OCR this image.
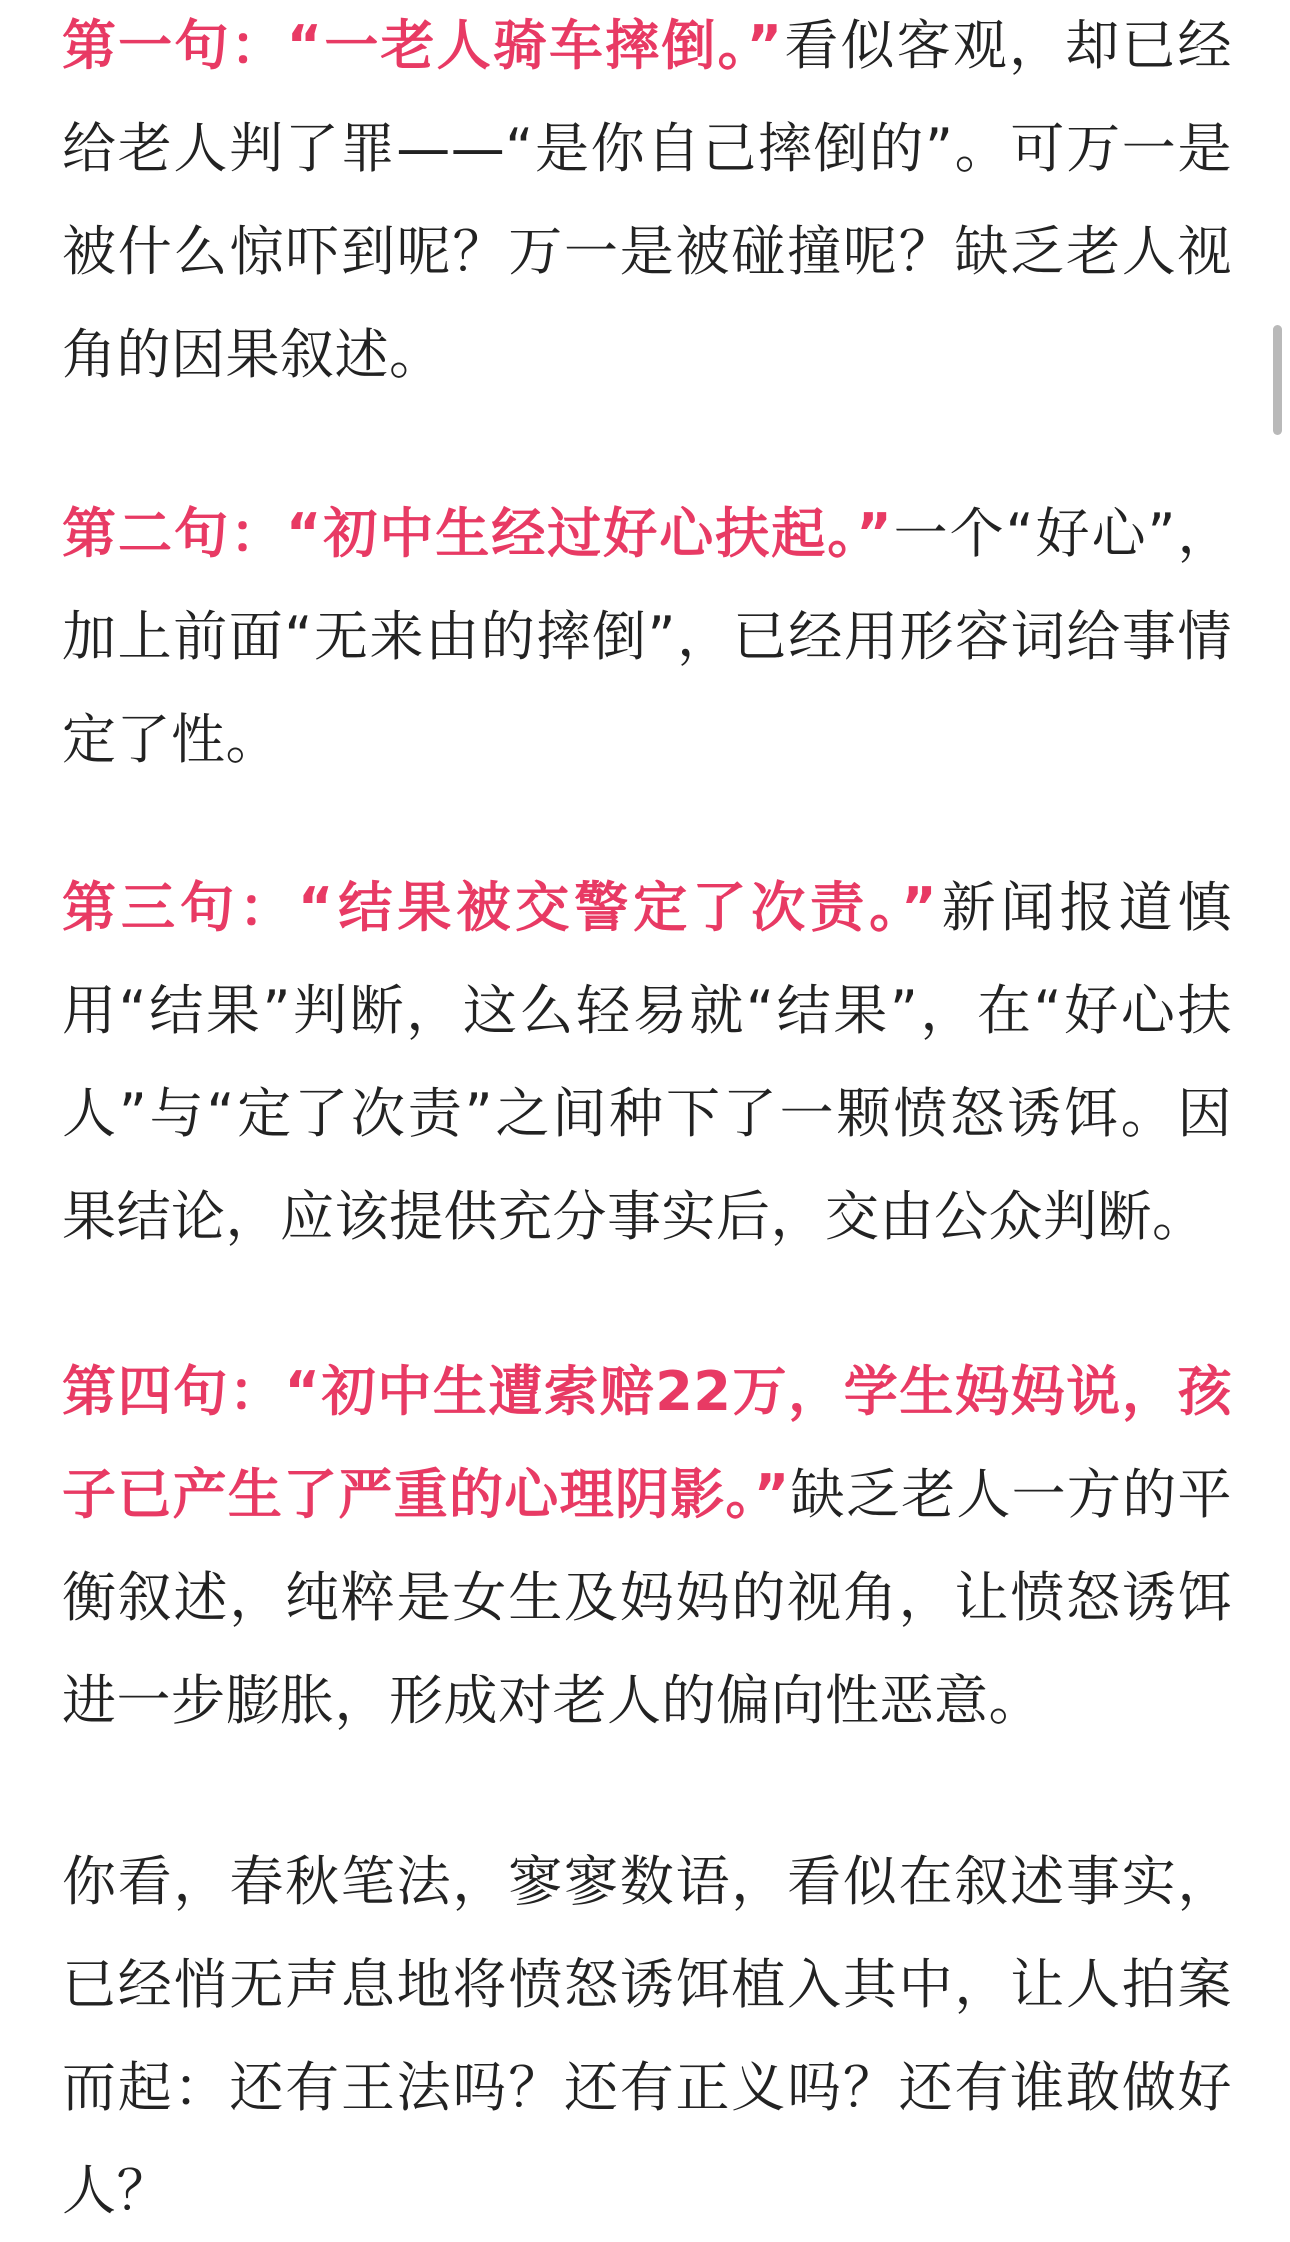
第一句：“一老人骑车摔倒。”看似客观，却已经给老人判了罪——“是你自己摔倒的”。可万一是被什么惊吓到呢？万一是被碰撞呢？缺乏老人视角的因果叙述。

第二句：“初中生经过好心扶起。”一个“好心”，加上前面“无来由的摔倒”，已经用形容词给事情定了性。

第三句：“结果被交警定了次责。”新闻报道慎用“结果”判断，这么轻易就“结果”，在“好心扶人”与“定了次责”之间种下了一颗愤怒诱饵。因果结论，应该提供充分事实后，交由公众判断。

第四句：“初中生遭索赔22万，学生妈妈说，孩子已产生了严重的心理阴影。”缺乏老人一方的平衡叙述，纯粹是女生及妈妈的视角，让愤怒诱饵进一步膨胀，形成对老人的偏向性恶意。

你看，春秋笔法，寥寥数语，看似在叙述事实，已经悄无声息地将愤怒诱饵植入其中，让人拍案而起：还有王法吗？还有正义吗？还有谁敢做好人？
